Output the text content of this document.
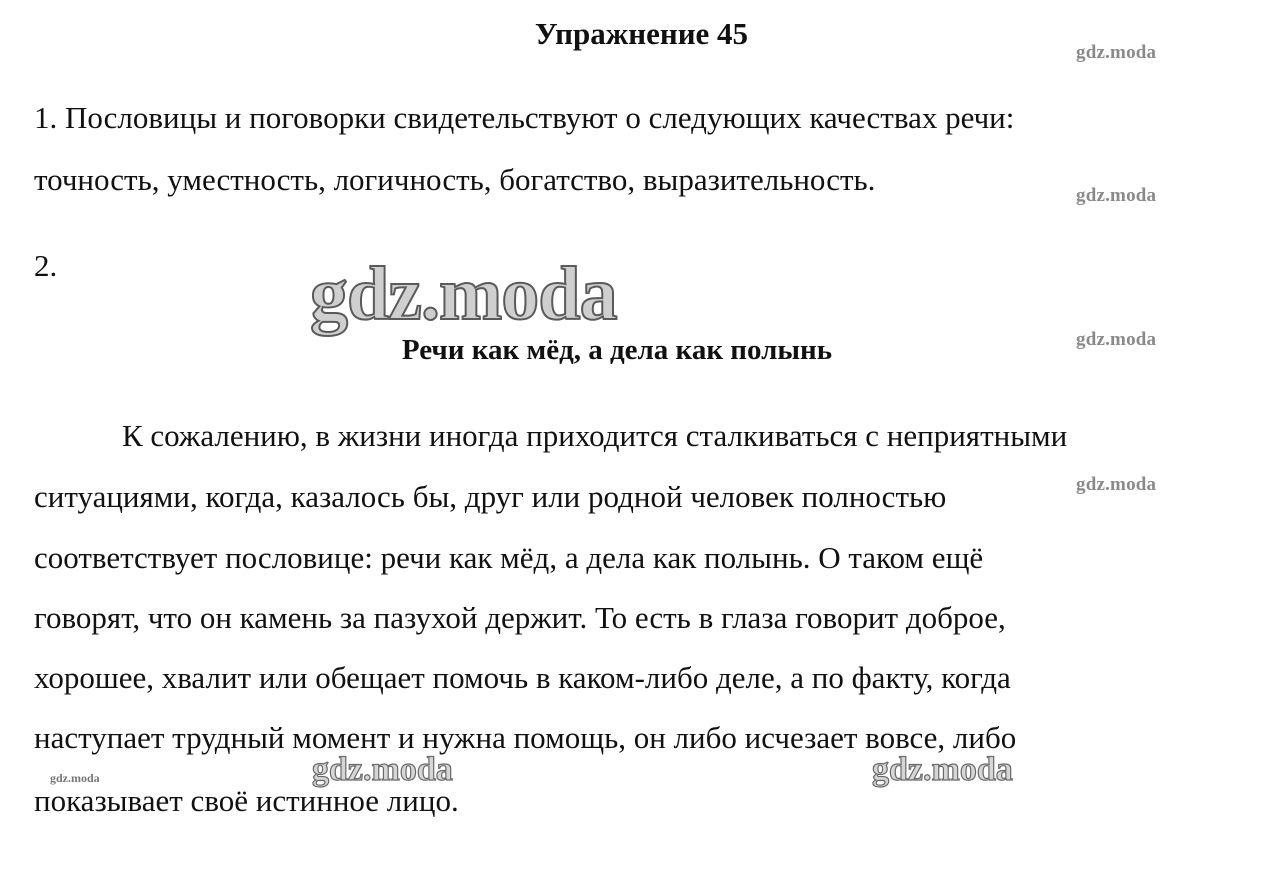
Упражнение 45
1. Пословицы и поговорки свидетельствуют о следующих качествах речи:
точность, уместность, логичность, богатство, выразительность.
2.
Речи как мёд, а дела как полынь
К сожалению, в жизни иногда приходится сталкиваться с неприятными
ситуациями, когда, казалось бы, друг или родной человек полностью
соответствует пословице: речи как мёд, а дела как полынь. О таком ещё
говорят, что он камень за пазухой держит. То есть в глаза говорит доброе,
хорошее, хвалит или обещает помочь в каком-либо деле, а по факту, когда
наступает трудный момент и нужна помощь, он либо исчезает вовсе, либо
показывает своё истинное лицо.
gdz.moda
gdz.moda
gdz.moda
gdz.moda
gdz.moda
gdz.moda	gdz.moda
gdz.moda
